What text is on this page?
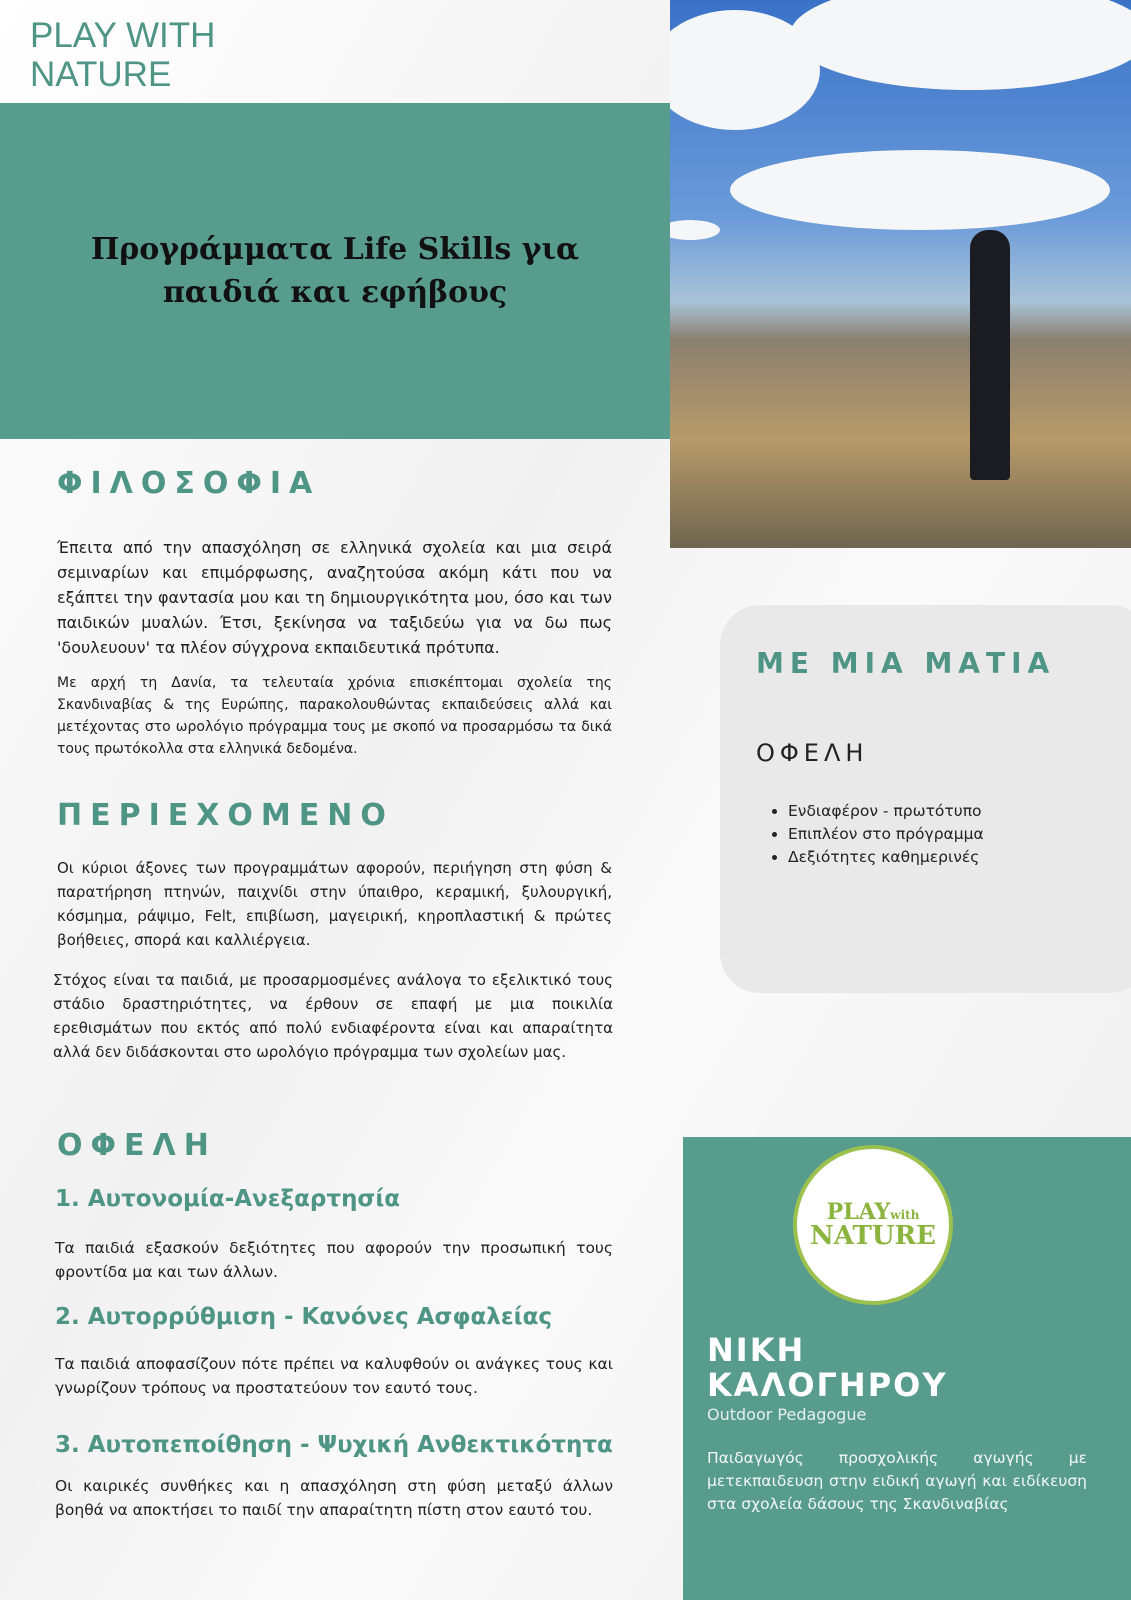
PLAY WITH NATURE
Προγράμματα Life Skills για παιδιά και εφήβους
ΦΙΛΟΣΟΦΙΑ
Έπειτα από την απασχόληση σε ελληνικά σχολεία και μια σειρά σεμιναρίων και επιμόρφωσης, αναζητούσα ακόμη κάτι που να εξάπτει την φαντασία μου και τη δημιουργικότητα μου, όσο και των παιδικών μυαλών. Έτσι, ξεκίνησα να ταξιδεύω για να δω πως 'δουλευουν' τα πλέον σύγχρονα εκπαιδευτικά πρότυπα.
Με αρχή τη Δανία, τα τελευταία χρόνια επισκέπτομαι σχολεία της Σκανδιναβίας & της Ευρώπης, παρακολουθώντας εκπαιδεύσεις αλλά και μετέχοντας στο ωρολόγιο πρόγραμμα τους με σκοπό να προσαρμόσω τα δικά τους πρωτόκολλα στα ελληνικά δεδομένα.
ΠΕΡΙΕΧΟΜΕΝΟ
Οι κύριοι άξονες των προγραμμάτων αφορούν, περιήγηση στη φύση & παρατήρηση πτηνών, παιχνίδι στην ύπαιθρο, κεραμική, ξυλουργική, κόσμημα, ράψιμο, Felt, επιβίωση, μαγειρική, κηροπλαστική & πρώτες βοήθειες, σπορά και καλλιέργεια.
Στόχος είναι τα παιδιά, με προσαρμοσμένες ανάλογα το εξελικτικό τους στάδιο δραστηριότητες, να έρθουν σε επαφή με μια ποικιλία ερεθισμάτων που εκτός από πολύ ενδιαφέροντα είναι και απαραίτητα αλλά δεν διδάσκονται στο ωρολόγιο πρόγραμμα των σχολείων μας.
ΟΦΕΛΗ
1. Αυτονομία-Ανεξαρτησία
Τα παιδιά εξασκούν δεξιότητες που αφορούν την προσωπική τους φροντίδα μα και των άλλων.
2. Αυτορρύθμιση - Κανόνες Ασφαλείας
Τα παιδιά αποφασίζουν πότε πρέπει να καλυφθούν οι ανάγκες τους και γνωρίζουν τρόπους να προστατεύουν τον εαυτό τους.
3. Αυτοπεποίθηση - Ψυχική Ανθεκτικότητα
Οι καιρικές συνθήκες και η απασχόληση στη φύση μεταξύ άλλων βοηθά να αποκτήσει το παιδί την απαραίτητη πίστη στον εαυτό του.
ΜΕ ΜΙΑ ΜΑΤΙΑ
ΟΦΕΛΗ
• Ενδιαφέρον - πρωτότυπο
• Επιπλέον στο πρόγραμμα
• Δεξιότητες καθημερινές
PLAYwith
NATURE
ΝΙΚΗ ΚΑΛΟΓΗΡΟΥ
Outdoor Pedagogue
Παιδαγωγός προσχολικής αγωγής με μετεκπαιδευση στην ειδική αγωγή και ειδίκευση στα σχολεία δάσους της Σκανδιναβίας
